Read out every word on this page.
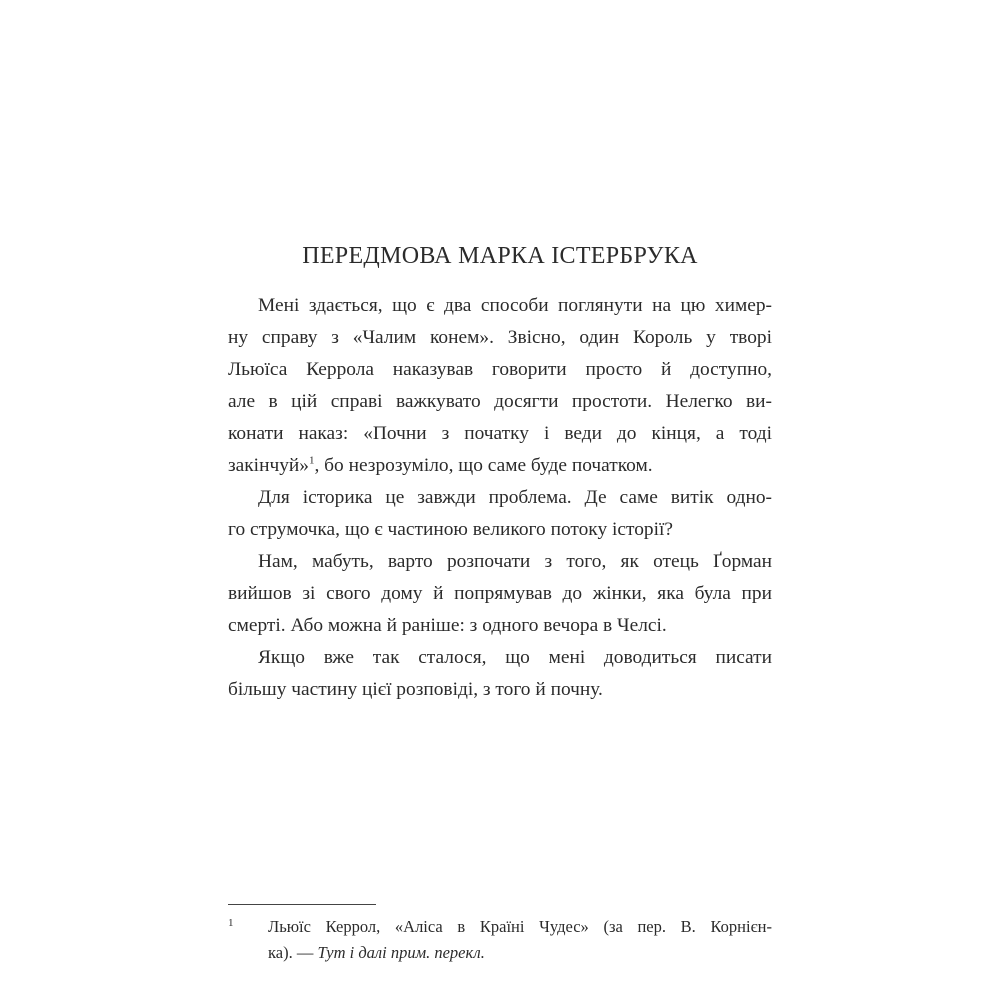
ПЕРЕДМОВА МАРКА ІСТЕРБРУКА
Мені здається, що є два способи поглянути на цю химер-
ну справу з «Чалим конем». Звісно, один Король у творі
Льюїса Керрола наказував говорити просто й доступно,
але в цій справі важкувато досягти простоти. Нелегко ви-
конати наказ: «Почни з початку і веди до кінця, а тоді
закінчуй»$^1$, бо незрозуміло, що саме буде початком.
Для історика це завжди проблема. Де саме витік одно-
го струмочка, що є частиною великого потоку історії?
Нам, мабуть, варто розпочати з того, як отець Ґорман
вийшов зі свого дому й попрямував до жінки, яка була при
смерті. Або можна й раніше: з одного вечора в Челсі.
Якщо вже так сталося, що мені доводиться писати
більшу частину цієї розповіді, з того й почну.
1	Льюїс Керрол, «Аліса в Країні Чудес» (за пер. В. Корнієн-
ка). — Тут і далі прим. перекл.
